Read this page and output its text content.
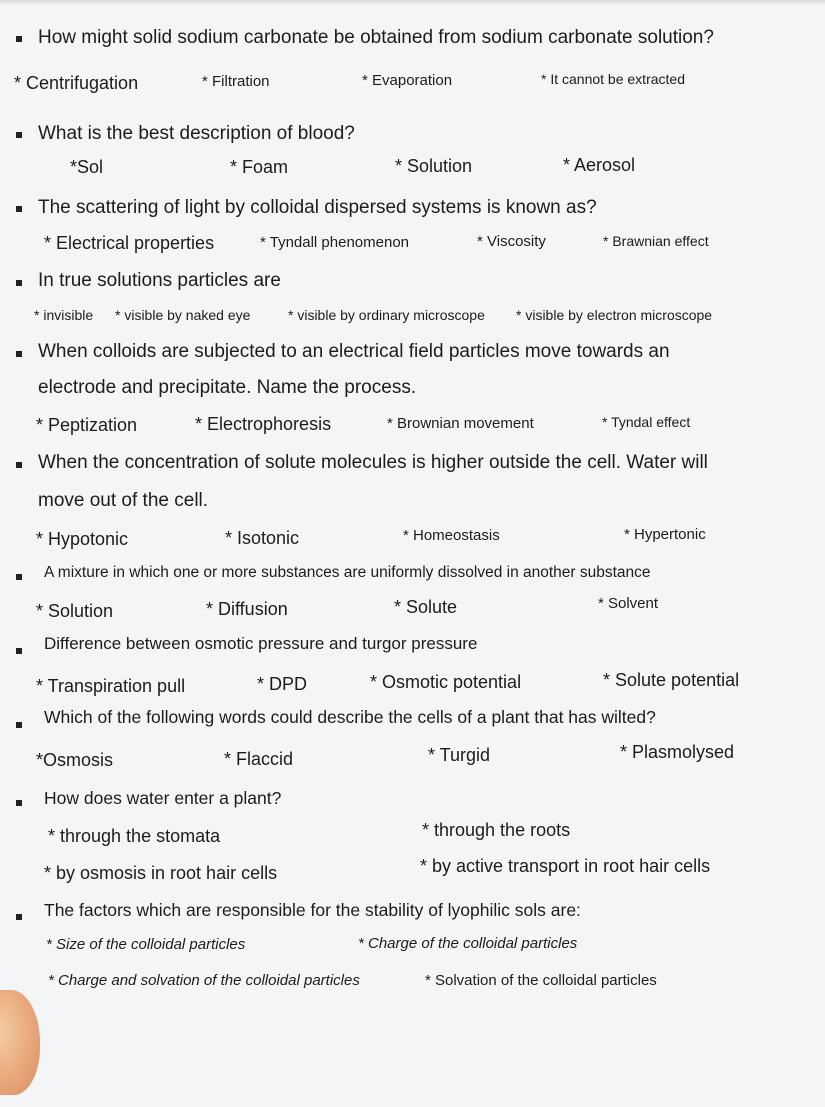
How might solid sodium carbonate be obtained from sodium carbonate solution?
* Centrifugation	* Filtration	* Evaporation	* It cannot be extracted
What is the best description of blood?
*Sol	* Foam	* Solution	* Aerosol
The scattering of light by colloidal dispersed systems is known as?
* Electrical properties	* Tyndall phenomenon	* Viscosity	* Brawnian effect
In true solutions particles are
* invisible * visible by naked eye	* visible by ordinary microscope * visible by electron microscope
When colloids are subjected to an electrical field particles move towards an
electrode and precipitate. Name the process.
* Peptization	* Electrophoresis	* Brownian movement	* Tyndal effect
When the concentration of solute molecules is higher outside the cell. Water will
move out of the cell.
* Hypotonic	* Isotonic	* Homeostasis	* Hypertonic
A mixture in which one or more substances are uniformly dissolved in another substance
* Solution	* Diffusion	* Solute	* Solvent
Difference between osmotic pressure and turgor pressure
* Transpiration pull	* DPD	* Osmotic potential	* Solute potential
Which of the following words could describe the cells of a plant that has wilted?
*Osmosis	* Flaccid	* Turgid	* Plasmolysed
How does water enter a plant?
* through the stomata	* through the roots
* by osmosis in root hair cells	* by active transport in root hair cells
The factors which are responsible for the stability of lyophilic sols are:
* Size of the colloidal particles	* Charge of the colloidal particles
* Charge and solvation of the colloidal particles	* Solvation of the colloidal particles
